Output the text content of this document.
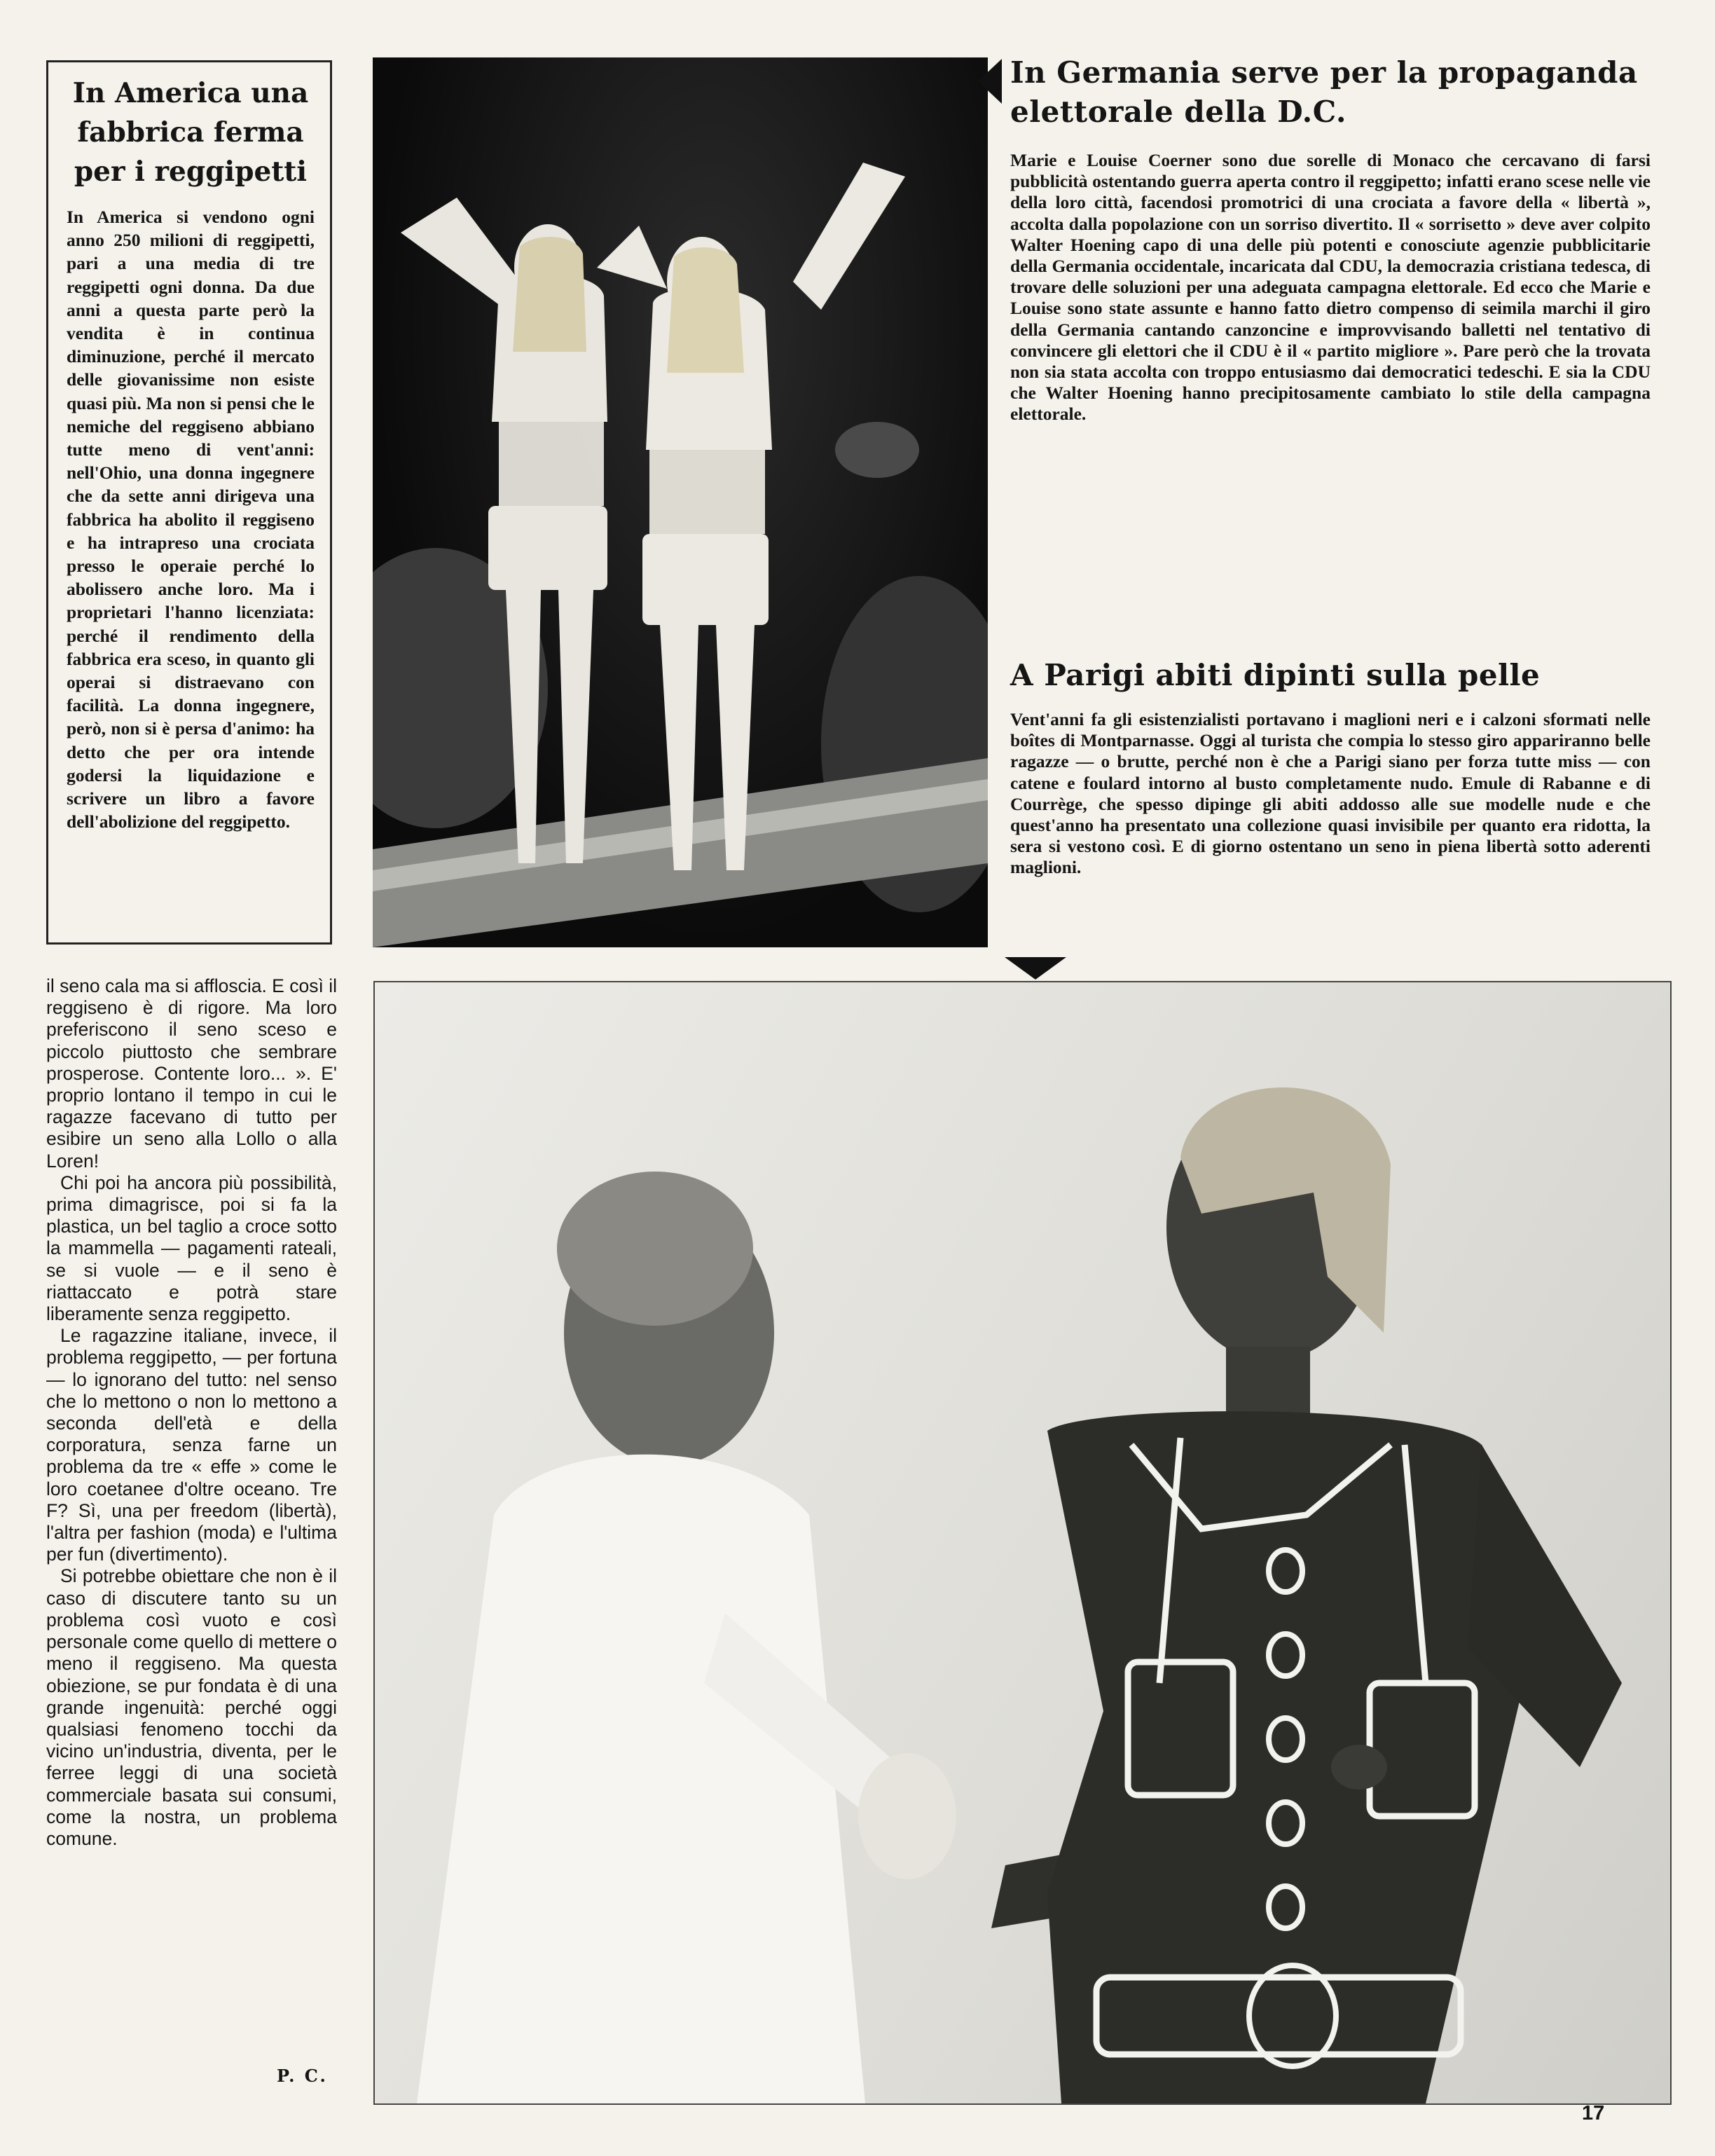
In America una fabbrica ferma per i reggipetti

In America si vendono ogni anno 250 milioni di reggipetti, pari a una media di tre reggipetti ogni donna. Da due anni a questa parte però la vendita è in continua diminuzione, perché il mercato delle giovanissime non esiste quasi più. Ma non si pensi che le nemiche del reggiseno abbiano tutte meno di vent'anni: nell'Ohio, una donna ingegnere che da sette anni dirigeva una fabbrica ha abolito il reggiseno e ha intrapreso una crociata presso le operaie perché lo abolissero anche loro. Ma i proprietari l'hanno licenziata: perché il rendimento della fabbrica era sceso, in quanto gli operai si distraevano con facilità. La donna ingegnere, però, non si è persa d'animo: ha detto che per ora intende godersi la liquidazione e scrivere un libro a favore dell'abolizione del reggipetto.

In Germania serve per la propaganda elettorale della D.C.

Marie e Louise Coerner sono due sorelle di Monaco che cercavano di farsi pubblicità ostentando guerra aperta contro il reggipetto; infatti erano scese nelle vie della loro città, facendosi promotrici di una crociata a favore della « libertà », accolta dalla popolazione con un sorriso divertito. Il « sorrisetto » deve aver colpito Walter Hoening capo di una delle più potenti e conosciute agenzie pubblicitarie della Germania occidentale, incaricata dal CDU, la democrazia cristiana tedesca, di trovare delle soluzioni per una adeguata campagna elettorale. Ed ecco che Marie e Louise sono state assunte e hanno fatto dietro compenso di seimila marchi il giro della Germania cantando canzoncine e improvvisando balletti nel tentativo di convincere gli elettori che il CDU è il « partito migliore ». Pare però che la trovata non sia stata accolta con troppo entusiasmo dai democratici tedeschi. E sia la CDU che Walter Hoening hanno precipitosamente cambiato lo stile della campagna elettorale.

A Parigi abiti dipinti sulla pelle

Vent'anni fa gli esistenzialisti portavano i maglioni neri e i calzoni sformati nelle boîtes di Montparnasse. Oggi al turista che compia lo stesso giro appariranno belle ragazze — o brutte, perché non è che a Parigi siano per forza tutte miss — con catene e foulard intorno al busto completamente nudo. Emule di Rabanne e di Courrège, che spesso dipinge gli abiti addosso alle sue modelle nude e che quest'anno ha presentato una collezione quasi invisibile per quanto era ridotta, la sera si vestono così. E di giorno ostentano un seno in piena libertà sotto aderenti maglioni.

il seno cala ma si affloscia. E così il reggiseno è di rigore. Ma loro preferiscono il seno sceso e piccolo piuttosto che sembrare prosperose. Contente loro... ». E' proprio lontano il tempo in cui le ragazze facevano di tutto per esibire un seno alla Lollo o alla Loren!

Chi poi ha ancora più possibilità, prima dimagrisce, poi si fa la plastica, un bel taglio a croce sotto la mammella — pagamenti rateali, se si vuole — e il seno è riattaccato e potrà stare liberamente senza reggipetto.

Le ragazzine italiane, invece, il problema reggipetto, — per fortuna — lo ignorano del tutto: nel senso che lo mettono o non lo mettono a seconda dell'età e della corporatura, senza farne un problema da tre « effe » come le loro coetanee d'oltre oceano. Tre F? Sì, una per freedom (libertà), l'altra per fashion (moda) e l'ultima per fun (divertimento).

Si potrebbe obiettare che non è il caso di discutere tanto su un problema così vuoto e così personale come quello di mettere o meno il reggiseno. Ma questa obiezione, se pur fondata è di una grande ingenuità: perché oggi qualsiasi fenomeno tocchi da vicino un'industria, diventa, per le ferree leggi di una società commerciale basata sui consumi, come la nostra, un problema comune.

P. C.
17
